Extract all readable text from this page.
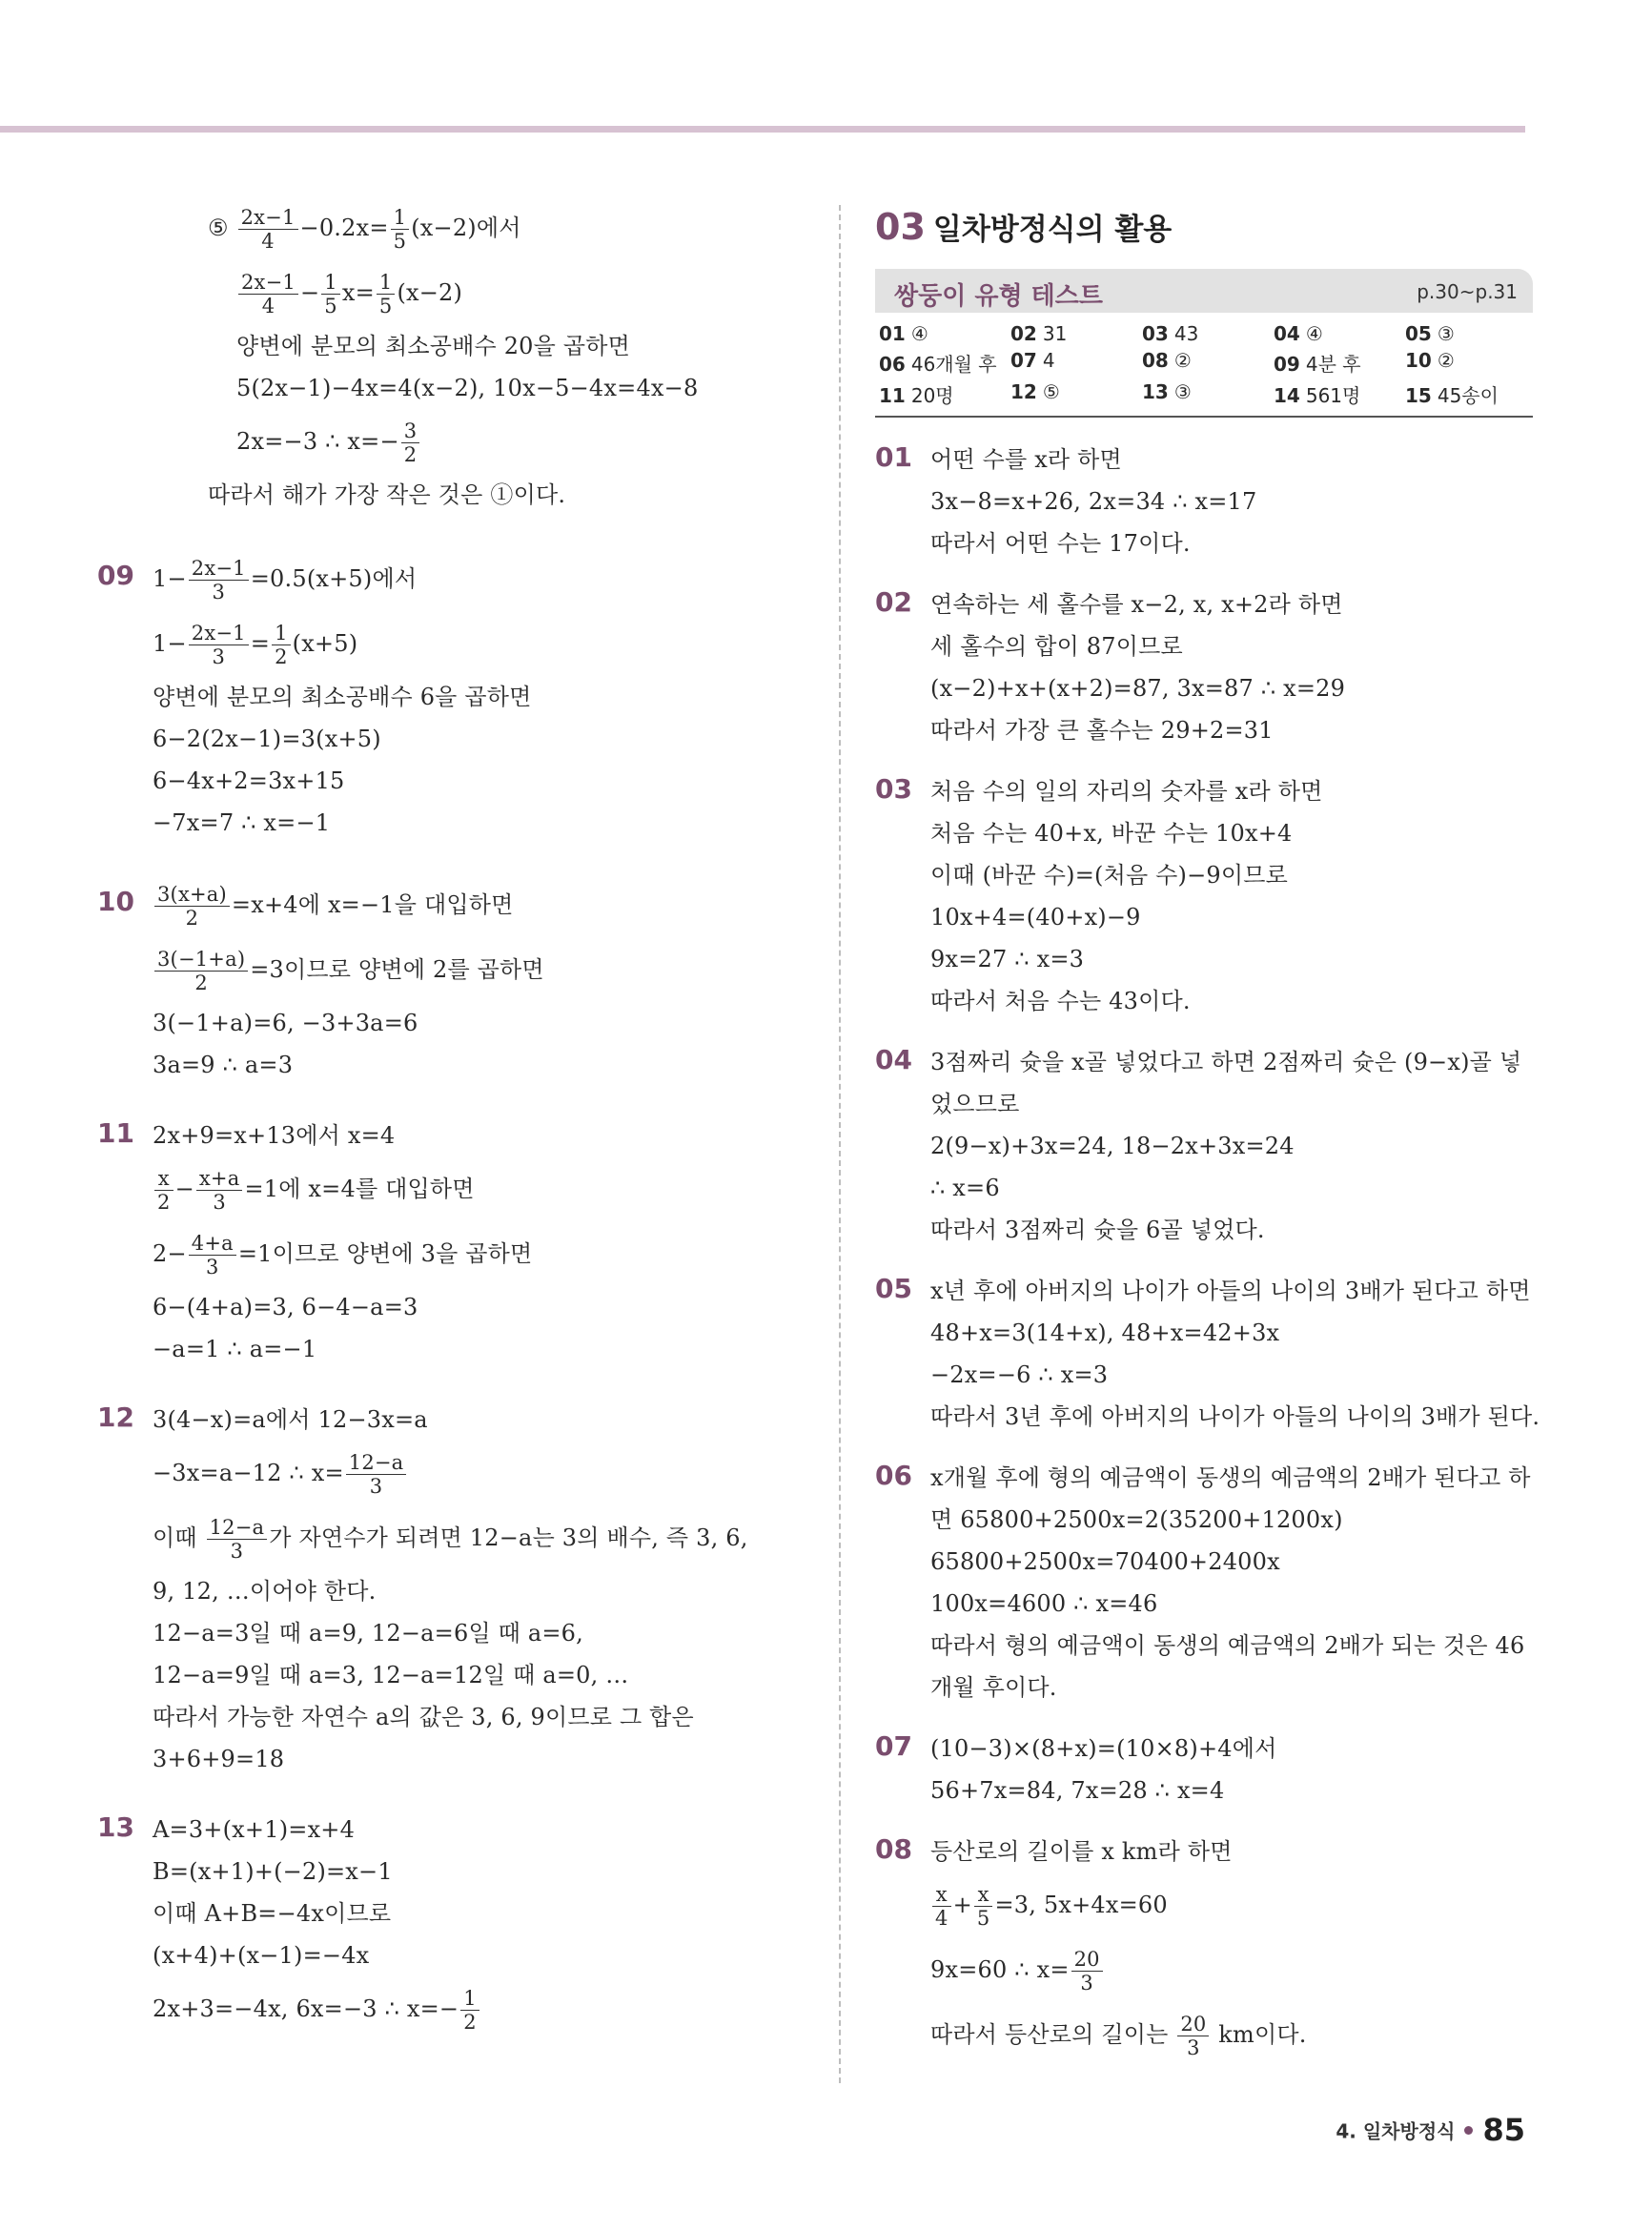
⑤ $\frac{2x-1}{4} -0.2x= \frac{1}{5} (x-2)$에서
$\frac{2x-1}{4} - \frac{1}{5} x= \frac{1}{5} (x-2)$
양변에 분모의 최소공배수 20을 곱하면
5(2x−1)−4x=4(x−2), 10x−5−4x=4x−8
2x=−3 ∴ $x=- \frac{3}{2}$
따라서 해가 가장 작은 것은 ①이다.
09 $1- \frac{2x-1}{3} =0.5(x+5)$에서
$1- \frac{2x-1}{3} = \frac{1}{2} (x+5)$
양변에 분모의 최소공배수 6을 곱하면
6−2(2x−1)=3(x+5)
6−4x+2=3x+15
−7x=7 ∴ x=−1
$10 \frac{3(x+a)}{2} =x+4$에 x=−1을 대입하면
$\frac{3(-1+a)}{2} =3$이므로 양변에 2를 곱하면
3(−1+a)=6, −3+3a=6
3a=9 ∴ a=3
11 2x+9=x+13에서 x=4
$\frac{x}{2} - \frac{x+a}{3} =1$에 x=4를 대입하면
$2- \frac{4+a}{3} =1$이므로 양변에 3을 곱하면
6−(4+a)=3, 6−4−a=3
−a=1 ∴ a=−1
12 3(4−x)=a에서 12−3x=a
−3x=a−12 ∴ $x= \frac{12-a}{3}$
이때 $\frac{12-a}{3}$ 가 자연수가 되려면 12−a는 3의 배수, 즉 3, 6,
9, 12, …이어야 한다.
12−a=3일 때 a=9, 12−a=6일 때 a=6,
12−a=9일 때 a=3, 12−a=12일 때 a=0, …
따라서 가능한 자연수 a의 값은 3, 6, 9이므로 그 합은
3+6+9=18
13 A=3+(x+1)=x+4
B=(x+1)+(−2)=x−1
이때 A+B=−4x이므로
(x+4)+(x−1)=−4x
2x+3=−4x, 6x=−3 ∴ $x=- \frac{1}{2}$
03 일차방정식의 활용
쌍둥이 유형 테스트	p.30~p.31
01 ④	02 31	03 43	04 ④	05 ③
06 46개월 후 07 4	08 ②	09 4분 후	10 ②
11 20명	12 ⑤	13 ③	14 561명	15 45송이
01 어떤 수를 x라 하면
3x−8=x+26, 2x=34 ∴ x=17
따라서 어떤 수는 17이다.
02 연속하는 세 홀수를 x−2, x, x+2라 하면
세 홀수의 합이 87이므로
(x−2)+x+(x+2)=87, 3x=87 ∴ x=29
따라서 가장 큰 홀수는 29+2=31
03 처음 수의 일의 자리의 숫자를 x라 하면
처음 수는 40+x, 바꾼 수는 10x+4
이때 (바꾼 수)=(처음 수)−9이므로
10x+4=(40+x)−9
9x=27 ∴ x=3
따라서 처음 수는 43이다.
04 3점짜리 슛을 x골 넣었다고 하면 2점짜리 슛은 (9−x)골 넣
었으므로
2(9−x)+3x=24, 18−2x+3x=24
∴ x=6
따라서 3점짜리 슛을 6골 넣었다.
05 x년 후에 아버지의 나이가 아들의 나이의 3배가 된다고 하면
48+x=3(14+x), 48+x=42+3x
−2x=−6 ∴ x=3
따라서 3년 후에 아버지의 나이가 아들의 나이의 3배가 된다.
06 x개월 후에 형의 예금액이 동생의 예금액의 2배가 된다고 하
면 65800+2500x=2(35200+1200x)
65800+2500x=70400+2400x
100x=4600 ∴ x=46
따라서 형의 예금액이 동생의 예금액의 2배가 되는 것은 46
개월 후이다.
07 (10−3)×(8+x)=(10×8)+4에서
56+7x=84, 7x=28 ∴ x=4
08 등산로의 길이를 x km라 하면
$\frac{x}{4} + \frac{x}{5} =3$, 5x+4x=60
9x=60 ∴ $x= \frac{20}{3}$
따라서 등산로의 길이는 $\frac{20}{3}$ km이다.
4. 일차방정식 85
